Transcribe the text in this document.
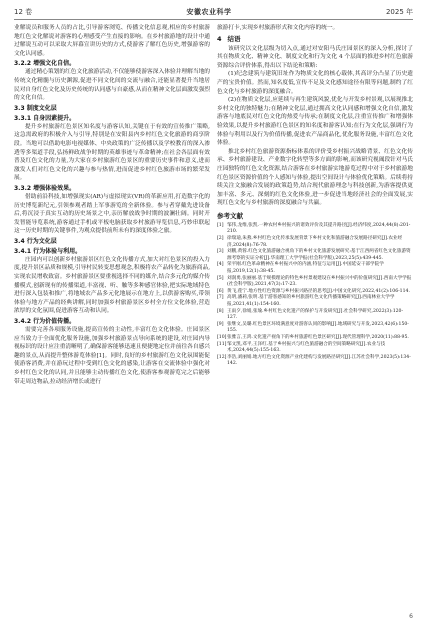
12 卷	安徽农业科学	2025 年

业解说员和服务人员的占比,引导游客浏览、传播文化信息观,相应的乡村旅游地红色文化解说对游客的心理感受产生直接的影响。在乡村旅游地的设计中通过解说互动可以采取大屏幕宣讲历史的方式,使游客了解红色历史,增强游客的文化认同感。

3.2.2 增强文化自信。

通过精心策划的红色文化旅游活动,不仅能够使游客深入体验并理解当地的传统文化精髓与历史渊源,促进不同文化间的交流与融合,还能显著提升当地居民对自身红色文化及历史传统的认同感与自豪感,从而在精神文化层面激发强烈的文化自信。

3.3 制度文化层
3.3.1 自身因素提升。

提升乡村旅游红色景区知名度与游客认知,关键在于有效的宣传推广策略,这急需政府的积极介入与引导,特别是在安阳县内乡村红色文化旅游的商享阶段。当地可以借助电影电视媒体、中央政策的广泛传播以及学校教育的深入渗透等多渠道手段,弘扬鲜政战争时期的英雄事迹与革命精神;在社会各层面有效普及红色文化的力量,为大家在乡村旅游红色景区的重要历史事件和意义,进而激发人们对红色文化的兴趣与参与热情,进而促进乡村红色旅游市场的繁荣发展。

3.3.2 增强体验效果。

借助前沿科技,如增强现实(AR)与虚拟现实(VR)的革新应用,打造数字化的历史博览新纪元,引领参观者踏上军事游览的全新体验。参与者穿戴先进设备后,将沉浸于真实互动的历史场景之中,亲历解放战争时期的波澜壮阔。同时开发智能导览系统,游客通过手机或平板电脑获取乡村旅游导览信息,巧妙串联起这一历史时期的关键事件,为观众提供前所未有的深度体验之旅。

3.4 行为文化层
3.4.1 行为体验与利用。

庄园内可以创新乡村旅游景区红色文化传播方式,加大对红色景区的投入力度,提升景区品质和规模,引导村民转变思想观念,积极将农产品转化为旅游商品,实现农民增收致富。乡村旅游景区要重视选择不同的媒介,结合多元化的媒介传播模式,创新现有的传播渠道,丰富视、听、触等多种感官体验,把实际地域特色进行深入包装和推广,将地域农产品多元化地展示在地方上,以供游客购买,带领体验与地方产品的经典讲解,同时加强乡村旅游景区乡村全方位文化体验,营造浓厚的文化氛围,促进游客互动和认同。

3.4.2 行为价值传播。

需要完善各项服务设施,提高宣传的主动性,丰富红色文化体验。庄园景区应当致力于全面优化服务设施,加强乡村旅游景点导向系统的建设,对庄园内导视标识的设计应注重清晰明了,确保游客能够迅速且便捷地定位并前往各自感兴趣的景点,从而提升整体游览体验[1]。同时,良好的乡村旅游红色文化氛围能促使游客消费,并在游玩过程中受到红色文化的感染,让游客在交流体验中强化对乡村红色文化的认同,并且能够主动传播红色文化,使游客参观游览完之后能够带走周边物品,拉动经济增长或进行

旅游打卡,实现乡村旅游形式和文化内容的统一。

4 结语

该研究以文化层级为切入点,通过对安阳马氏庄园景区的深入分析,探讨了其在物质文化、精神文化、制度文化和行为文化 4 个层面的推进乡村红色旅游资源综合评价体系,得出以下结论和策略:

(1)纪念建筑与建筑旧址作为物质文化的核心载体,其高评分凸显了历史遗产的宝贵价值。然而,知名度低,宣传不足及文化感知途径有限等问题,制约了红色文化与乡村旅游的深度融合。

(2)在物质文化层,应延续与再生建筑风貌,优化与开发乡村景观,以展现推北乡村文化的独特魅力;在精神文化层,通过拥高文化认同感和增强文化自信,激发游客与地底民对红色文化的热爱与传承;在制度文化层,注重宣传推广和增强体验效果,以提升乡村旅游红色景区的知名度和游客认知;在行为文化层,强调行为体验与利用以及行为价值传播,促进农产品商品化,优化服务设施,丰富红色文化体验。

推北乡村红色旅游资源指标体系的评价受乡村振兴战略背景、红色文化传承、乡村旅游建设、产业数字化转型等多方面的影响,而该研究视阈段针对马氏庄园独特的红色文化资源,结合游客在乡村旅游实地游览过程中对于乡村旅游地红色景区资源价值的个人感知与体验,提出空间设计与体验优化策略。后续将持续关注文旅融合发展的政策趋势,结合现代旅游理念与科技创新,为游客提供更加丰富、多元、深刻的红色文化体验,进一步促进当地经济社会的全面发展,实现红色文化与乡村旅游的深度融合与共赢。

参考文献
[1] 邹伟,龙维,张凯.一种农村乡村振兴的诸效评价及其提升路径[J].经济纬度,2024,44(8):201-210.
[2] 徐瑞迪,朱燕.乡村红色文化传承发展背景下乡村文化和旅游融合发展路径研究[J].农业经济,2024(8):76-78.
[3] 刘鹏,黄蓉.红色文化旅游融合视角下的乡村文化旅游发展研究:基于江西两省红色文化旅游资源考察的实证分析[J].华南理工大学学报(社会科学版),2023,25(5):439-445.
[4] 荣平刚.红色革命精神在乡村振兴中的内涵,特征与运用[J].中国延安干部学院学报,2019,12(1):38-45.
[5] 刘润勇,张丽丽.基于规模理论的特色乡村景观建设在乡村振兴中的价值研究[J].西南大学学报(社会科学版),2021,47(3):17-23.
[6] 黄飞,莲宁.地方性红色资源与乡村振兴路径的思考[J].中国文化研究,2022,41(2):106-114.
[7] 高明,潘莉,张明.基于游客感知的乡村旅游红色文化传播策略研究[J].西南林业大学学报,2021,41(1):154-160.
[8] 王雨夕,徐娟,张瑜.乡村红色文化遗产的保护与开发研究[J].社会科学研究,2022(3):120-127.
[9] 张继文,吴璐.红色景区环境满意度对游客认同的影响[J].地域研究与开发,2023,42(6):150-155.
[10]张雅言,王鸿.文化遗产视角下的乡村旅游红色景区研究[J].现代管理科学,2020(11):88-95.
[11]邹文凯,邓平,王泽红.基于乡村振兴与红色旅游融合的空间策略研究[J].农业与技术,2024,44(5):155-163.
[12]李浩,刘丽娟.地方红色文化资源产业化建构与发展路径研究[J].江苏社会科学,2023(5):134-142.
6
